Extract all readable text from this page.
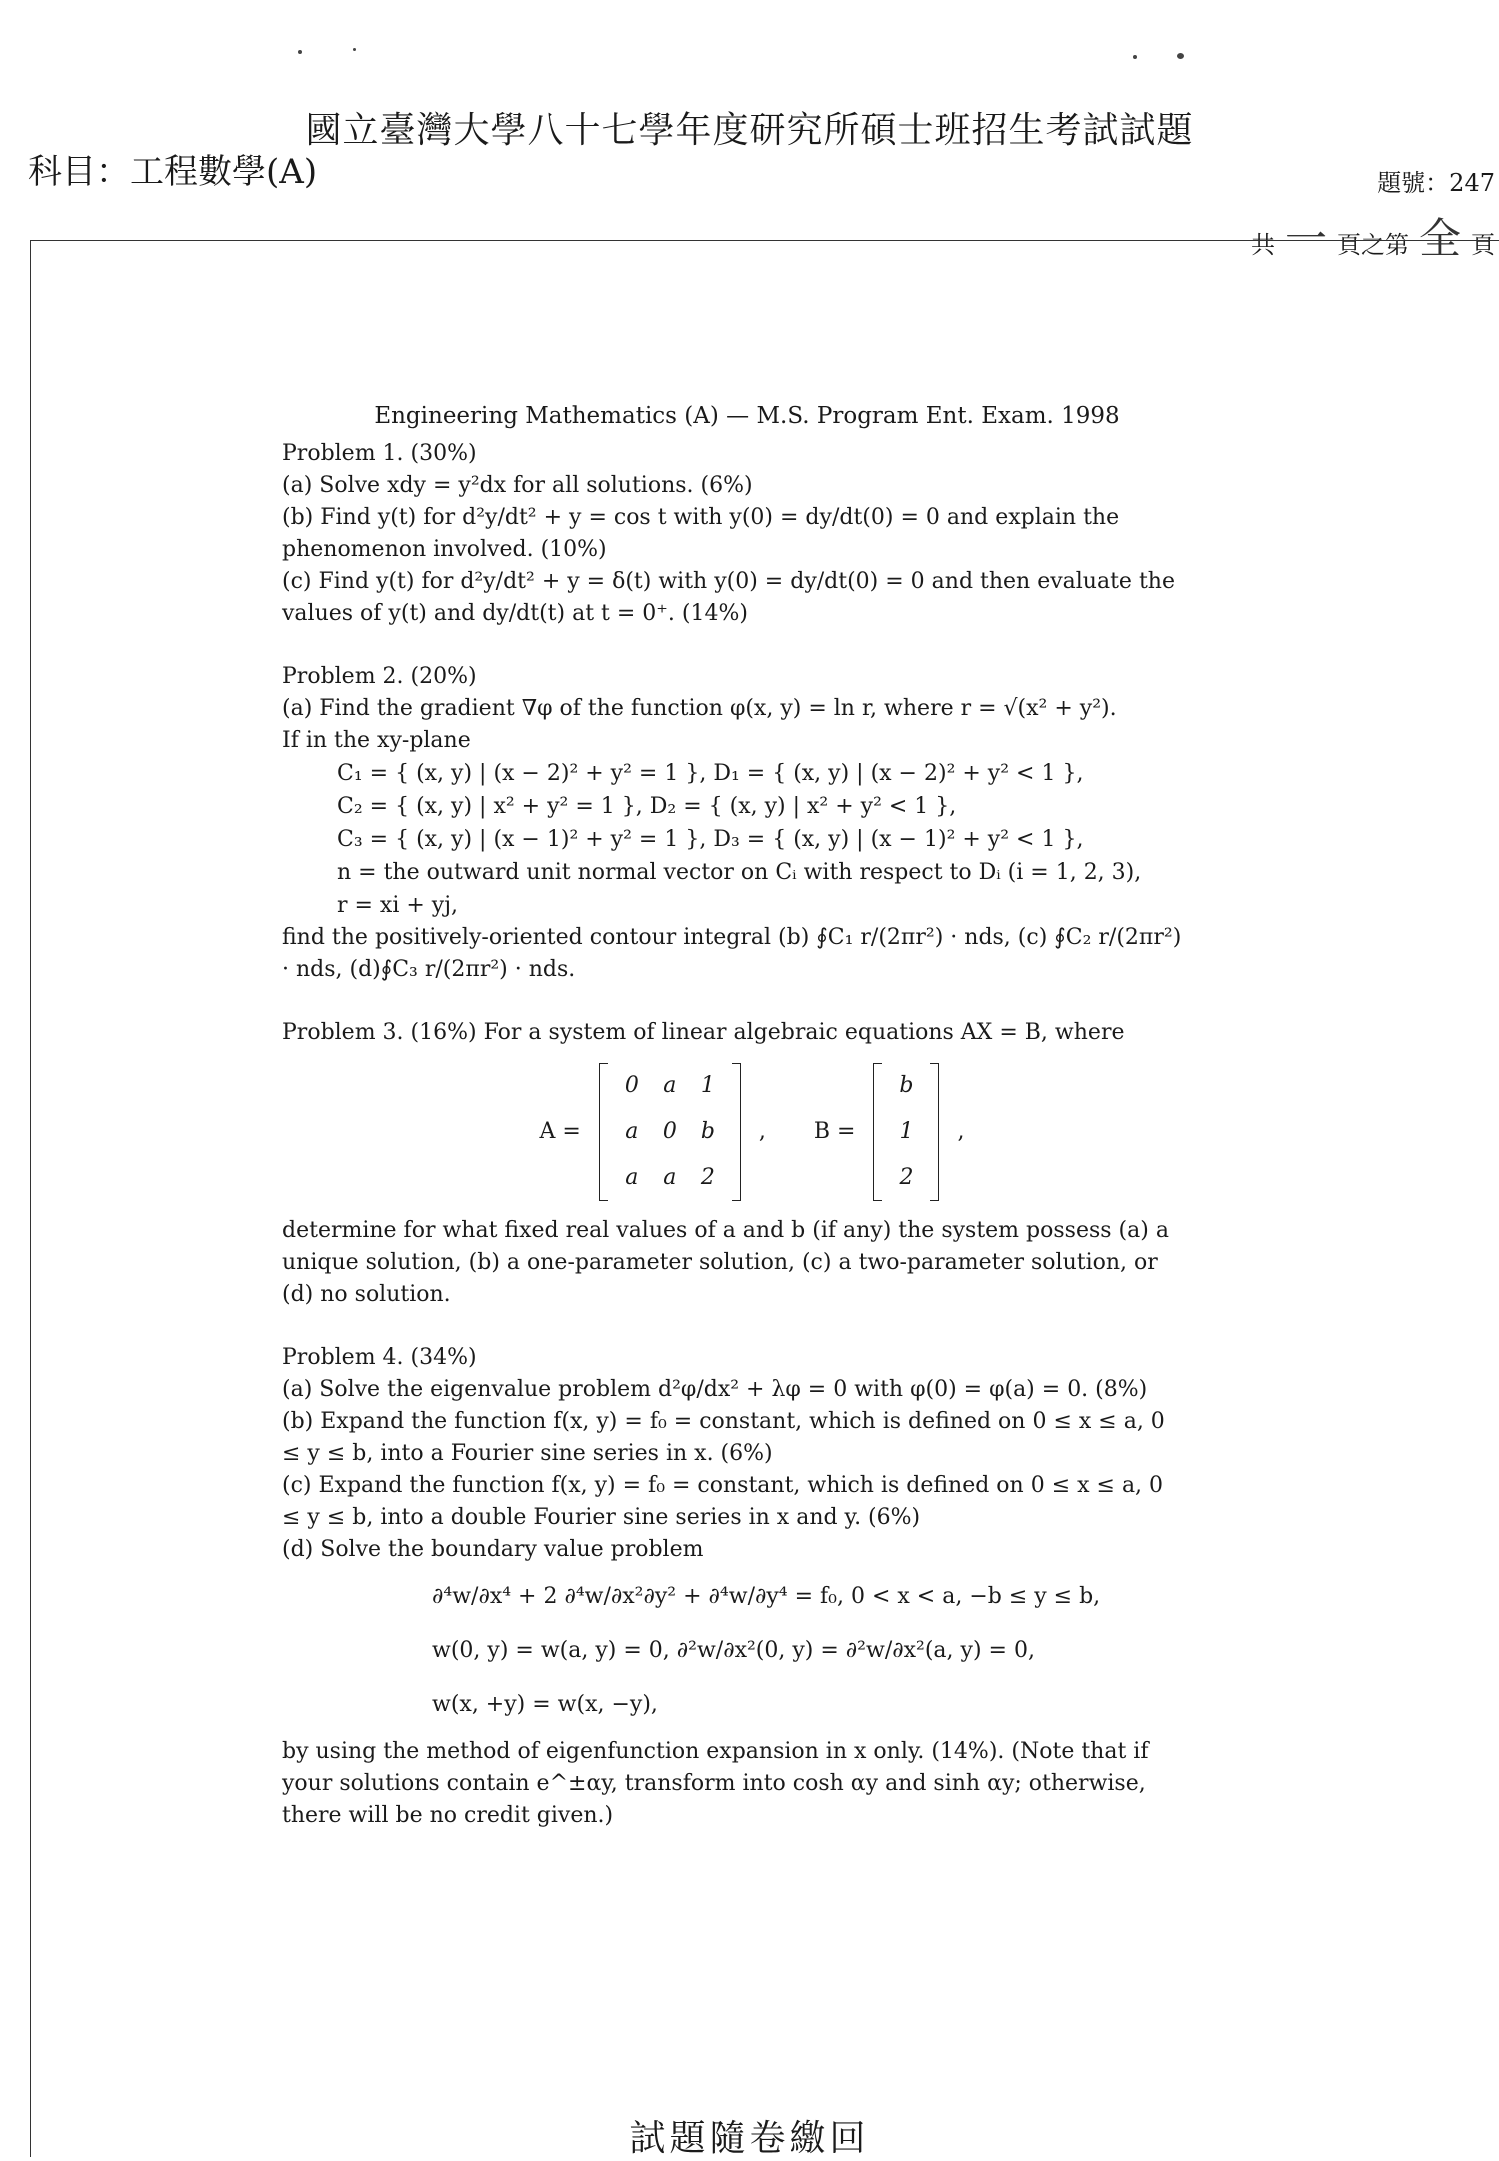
國立臺灣大學八十七學年度研究所碩士班招生考試試題
科目：工程數學(A)	題號：247
共 一 頁之第 全 頁

Engineering Mathematics (A) — M.S. Program Ent. Exam. 1998

Problem 1. (30%)

(a) Solve xdy = y²dx for all solutions. (6%)

(b) Find y(t) for d²y/dt² + y = cos t with y(0) = dy/dt(0) = 0 and explain the phenomenon involved. (10%)

(c) Find y(t) for d²y/dt² + y = δ(t) with y(0) = dy/dt(0) = 0 and then evaluate the values of y(t) and dy/dt(t) at t = 0⁺. (14%)

Problem 2. (20%)

(a) Find the gradient ∇φ of the function φ(x, y) = ln r, where r = √(x² + y²).

If in the xy-plane

C₁ = { (x, y) | (x − 2)² + y² = 1 }, D₁ = { (x, y) | (x − 2)² + y² < 1 },

C₂ = { (x, y) | x² + y² = 1 }, D₂ = { (x, y) | x² + y² < 1 },

C₃ = { (x, y) | (x − 1)² + y² = 1 }, D₃ = { (x, y) | (x − 1)² + y² < 1 },

n = the outward unit normal vector on Cᵢ with respect to Dᵢ (i = 1, 2, 3),

r = xi + yj,

find the positively-oriented contour integral (b) ∮C₁ r/(2πr²) · nds, (c) ∮C₂ r/(2πr²) · nds, (d)∮C₃ r/(2πr²) · nds.

Problem 3. (16%) For a system of linear algebraic equations AX = B, where

A =
0	a	1
a	0	b
a	a	2
, B =
b
1
2
,

determine for what fixed real values of a and b (if any) the system possess (a) a unique solution, (b) a one-parameter solution, (c) a two-parameter solution, or (d) no solution.

Problem 4. (34%)

(a) Solve the eigenvalue problem d²φ/dx² + λφ = 0 with φ(0) = φ(a) = 0. (8%)

(b) Expand the function f(x, y) = f₀ = constant, which is defined on 0 ≤ x ≤ a, 0 ≤ y ≤ b, into a Fourier sine series in x. (6%)

(c) Expand the function f(x, y) = f₀ = constant, which is defined on 0 ≤ x ≤ a, 0 ≤ y ≤ b, into a double Fourier sine series in x and y. (6%)

(d) Solve the boundary value problem

∂⁴w/∂x⁴ + 2 ∂⁴w/∂x²∂y² + ∂⁴w/∂y⁴ = f₀, 0 < x < a, −b ≤ y ≤ b,

w(0, y) = w(a, y) = 0, ∂²w/∂x²(0, y) = ∂²w/∂x²(a, y) = 0,

w(x, +y) = w(x, −y),

by using the method of eigenfunction expansion in x only. (14%). (Note that if your solutions contain e^±αy, transform into cosh αy and sinh αy; otherwise, there will be no credit given.)

試題隨卷繳回
